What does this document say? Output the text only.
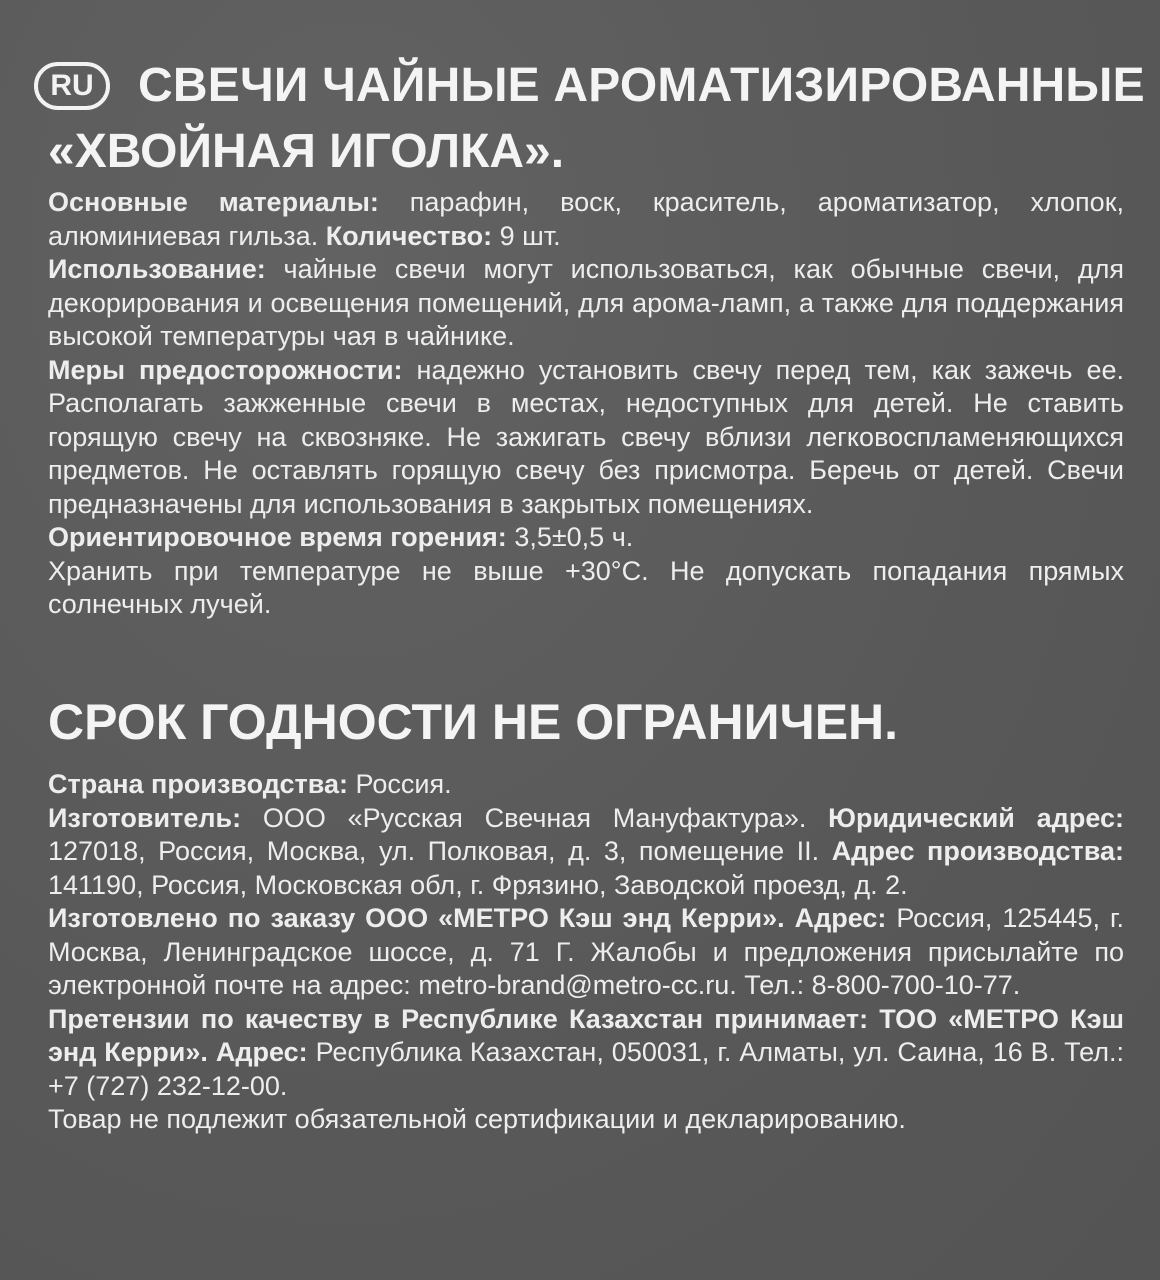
RU СВЕЧИ ЧАЙНЫЕ АРОМАТИЗИРОВАННЫЕ
«ХВОЙНАЯ ИГОЛКА».

Основные материалы: парафин, воск, краситель, ароматизатор, хлопок, алюминиевая гильза. Количество: 9 шт.

Использование: чайные свечи могут использоваться, как обычные свечи, для декорирования и освещения помещений, для арома-ламп, а также для поддержания высокой температуры чая в чайнике.

Меры предосторожности: надежно установить свечу перед тем, как зажечь ее. Располагать зажженные свечи в местах, недоступных для детей. Не ставить горящую свечу на сквозняке. Не зажигать свечу вблизи легковоспламеняющихся предметов. Не оставлять горящую свечу без присмотра. Беречь от детей. Свечи предназначены для использования в закрытых помещениях.

Ориентировочное время горения: 3,5±0,5 ч.

Хранить при температуре не выше +30°С. Не допускать попадания прямых солнечных лучей.

СРОК ГОДНОСТИ НЕ ОГРАНИЧЕН.

Страна производства: Россия.

Изготовитель: ООО «Русская Свечная Мануфактура». Юридический адрес: 127018, Россия, Москва, ул. Полковая, д. 3, помещение II. Адрес производства: 141190, Россия, Московская обл, г. Фрязино, Заводской проезд, д. 2.

Изготовлено по заказу ООО «МЕТРО Кэш энд Керри». Адрес: Россия, 125445, г. Москва, Ленинградское шоссе, д. 71 Г. Жалобы и предложения присылайте по электронной почте на адрес: metro-brand@metro-cc.ru. Тел.: 8-800-700-10-77.

Претензии по качеству в Республике Казахстан принимает: ТОО «МЕТРО Кэш энд Керри». Адрес: Республика Казахстан, 050031, г. Алматы, ул. Саина, 16 В. Тел.: +7 (727) 232-12-00.

Товар не подлежит обязательной сертификации и декларированию.
